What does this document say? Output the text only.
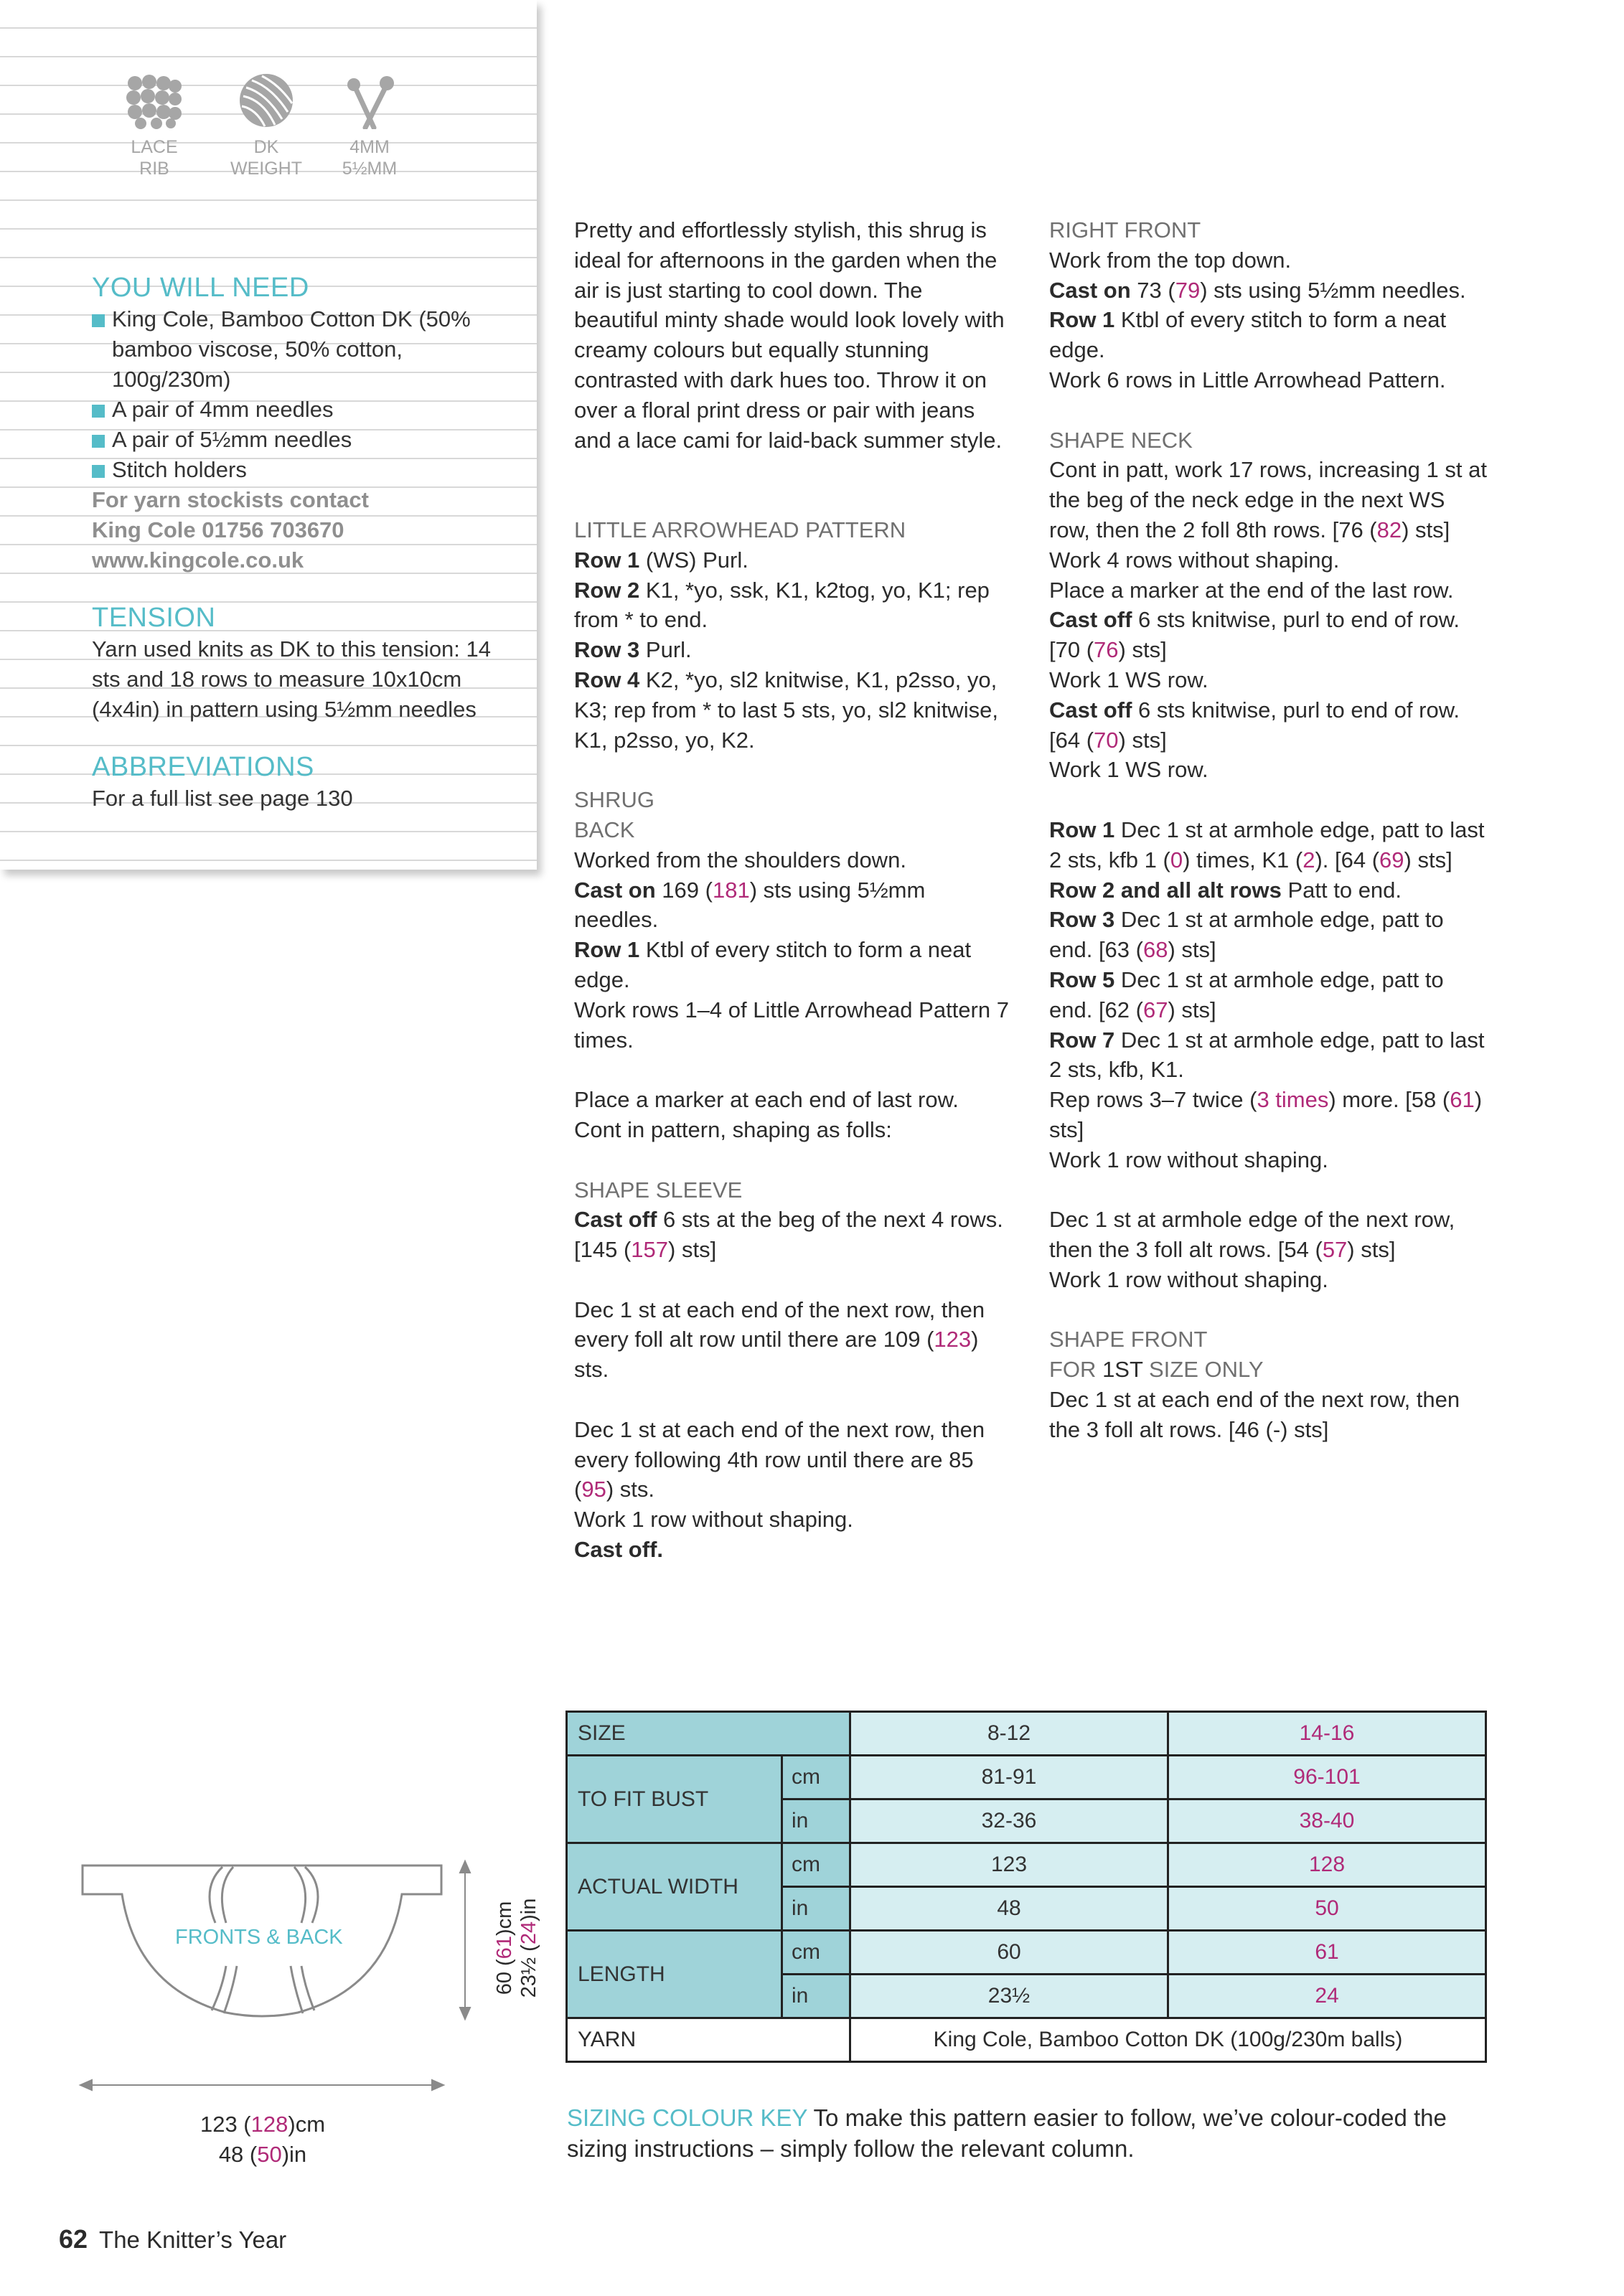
LACE
RIB
DK
WEIGHT
4MM
5½MM
YOU WILL NEED
King Cole, Bamboo Cotton DK (50% bamboo viscose, 50% cotton, 100g/230m)
A pair of 4mm needles
A pair of 5½mm needles
Stitch holders
For yarn stockists contact
King Cole 01756 703670
www.kingcole.co.uk
TENSION
Yarn used knits as DK to this tension: 14 sts and 18 rows to measure 10x10cm (4x4in) in pattern using 5½mm needles
ABBREVIATIONS
For a full list see page 130

Pretty and effortlessly stylish, this shrug is ideal for afternoons in the garden when the air is just starting to cool down. The beautiful minty shade would look lovely with creamy colours but equally stunning contrasted with dark hues too. Throw it on over a floral print dress or pair with jeans and a lace cami for laid-back summer style.

LITTLE ARROWHEAD PATTERN

Row 1 (WS) Purl.

Row 2 K1, *yo, ssk, K1, k2tog, yo, K1; rep from * to end.

Row 3 Purl.

Row 4 K2, *yo, sl2 knitwise, K1, p2sso, yo, K3; rep from * to last 5 sts, yo, sl2 knitwise, K1, p2sso, yo, K2.

SHRUG

BACK

Worked from the shoulders down.

Cast on 169 (181) sts using 5½mm needles.

Row 1 Ktbl of every stitch to form a neat edge.

Work rows 1–4 of Little Arrowhead Pattern 7 times.

Place a marker at each end of last row.

Cont in pattern, shaping as folls:

SHAPE SLEEVE

Cast off 6 sts at the beg of the next 4 rows. [145 (157) sts]

Dec 1 st at each end of the next row, then every foll alt row until there are 109 (123) sts.

Dec 1 st at each end of the next row, then every following 4th row until there are 85 (95) sts.

Work 1 row without shaping.

Cast off.

RIGHT FRONT

Work from the top down.

Cast on 73 (79) sts using 5½mm needles.

Row 1 Ktbl of every stitch to form a neat edge.

Work 6 rows in Little Arrowhead Pattern.

SHAPE NECK

Cont in patt, work 17 rows, increasing 1 st at the beg of the neck edge in the next WS row, then the 2 foll 8th rows. [76 (82) sts]

Work 4 rows without shaping.

Place a marker at the end of the last row.

Cast off 6 sts knitwise, purl to end of row. [70 (76) sts]

Work 1 WS row.

Cast off 6 sts knitwise, purl to end of row. [64 (70) sts]

Work 1 WS row.

Row 1 Dec 1 st at armhole edge, patt to last 2 sts, kfb 1 (0) times, K1 (2). [64 (69) sts]

Row 2 and all alt rows Patt to end.

Row 3 Dec 1 st at armhole edge, patt to end. [63 (68) sts]

Row 5 Dec 1 st at armhole edge, patt to end. [62 (67) sts]

Row 7 Dec 1 st at armhole edge, patt to last 2 sts, kfb, K1.

Rep rows 3–7 twice (3 times) more. [58 (61) sts]

Work 1 row without shaping.

Dec 1 st at armhole edge of the next row, then the 3 foll alt rows. [54 (57) sts]

Work 1 row without shaping.

SHAPE FRONT

FOR 1ST SIZE ONLY

Dec 1 st at each end of the next row, then the 3 foll alt rows. [46 (-) sts]

FRONTS & BACK
60 (61)cm
23½ (24)in
123 (128)cm
48 (50)in
SIZE		8-12	14-16
TO FIT BUST	cm	81-91	96-101
	in	32-36	38-40
ACTUAL WIDTH	cm	123	128
	in	48	50
LENGTH	cm	60	61
	in	23½	24
YARN		King Cole, Bamboo Cotton DK (100g/230m balls)	
SIZING COLOUR KEY To make this pattern easier to follow, we’ve colour-coded the sizing instructions – simply follow the relevant column.
62 The Knitter’s Year
